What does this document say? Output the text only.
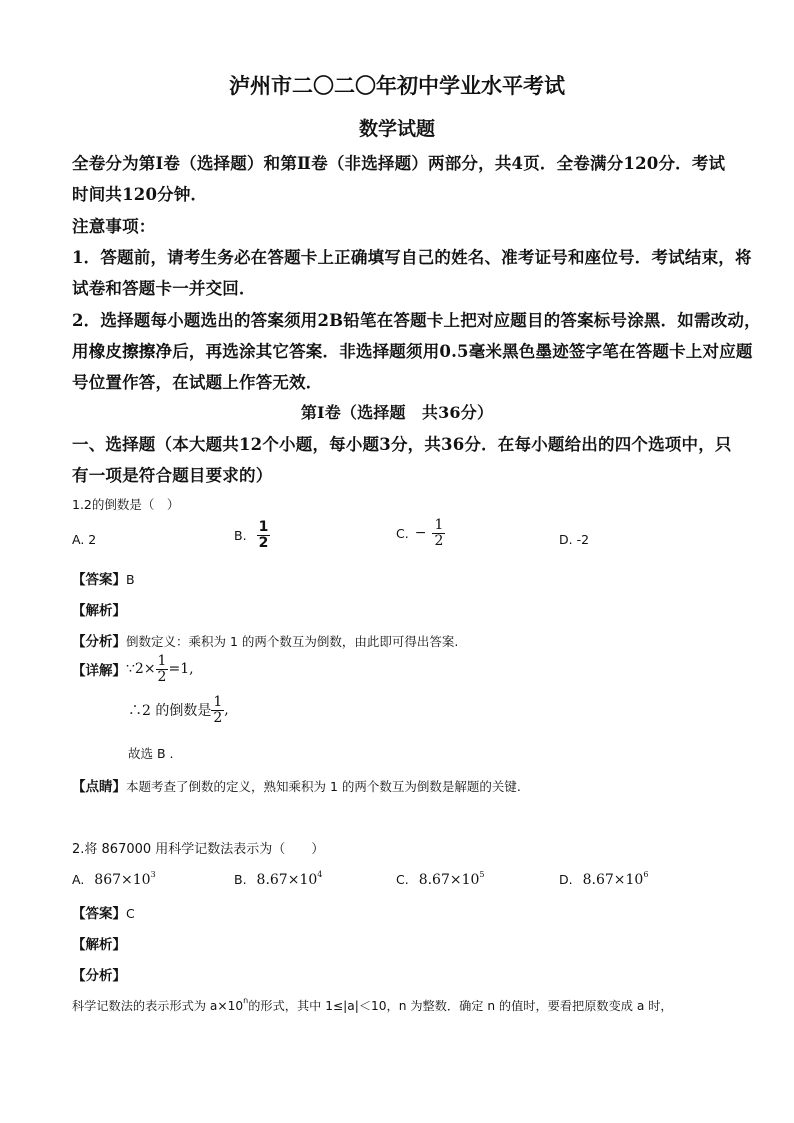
泸州市二〇二〇年初中学业水平考试
数学试题
全卷分为第Ⅰ卷（选择题）和第Ⅱ卷（非选择题）两部分，共4页．全卷满分120分．考试
时间共120分钟．
注意事项：
1．答题前，请考生务必在答题卡上正确填写自己的姓名、准考证号和座位号．考试结束，将
试卷和答题卡一并交回．
2．选择题每小题选出的答案须用2B铅笔在答题卡上把对应题目的答案标号涂黑．如需改动，
用橡皮擦擦净后，再选涂其它答案．非选择题须用0.5毫米黑色墨迹签字笔在答题卡上对应题
号位置作答，在试题上作答无效．
第Ⅰ卷（选择题　共36分）
一、选择题（本大题共12个小题，每小题3分，共36分．在每小题给出的四个选项中，只
有一项是符合题目要求的）
1.2的倒数是（　）
A. 2	B. $\frac{1}{2}$	C. − $\frac{1}{2}$	D. -2
【答案】B
【解析】
【分析】倒数定义：乘积为 1 的两个数互为倒数，由此即可得出答案.
【详解】 ∵2× $\frac{1}{2} =1$,
∴2 的倒数是 $\frac{1}{2}$ ,
故选 B .
【点睛】本题考查了倒数的定义，熟知乘积为 1 的两个数互为倒数是解题的关键.
2.将 867000 用科学记数法表示为（　　）
A. $867\times 10^3$	B. $8.67\times 10^4$	C. $8.67\times 10^5$	D. $8.67\times 10^6$
【答案】C
【解析】
【分析】
科学记数法的表示形式为 $a\times 10^n$的形式，其中 1≤|a|＜10，n 为整数．确定 n 的值时，要看把原数变成 a 时，
